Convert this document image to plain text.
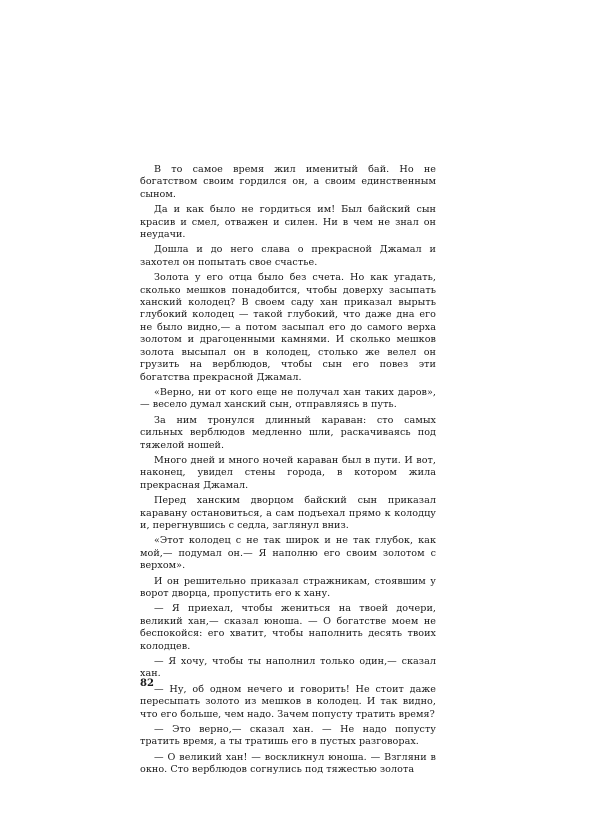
В то самое время жил именитый бай. Но не богатством своим гордился он, а своим единственным сыном.

Да и как было не гордиться им! Был байский сын красив и смел, отважен и силен. Ни в чем не знал он неудачи.

Дошла и до него слава о прекрасной Джамал и захотел он попытать свое счастье.

Золота у его отца было без счета. Но как угадать, сколько мешков понадобится, чтобы доверху засыпать ханский колодец? В своем саду хан приказал вырыть глубокий колодец — такой глубокий, что даже дна его не было видно,— а потом засыпал его до самого верха золотом и драгоценными камнями. И сколько мешков золота высыпал он в колодец, столько же велел он грузить на верблюдов, чтобы сын его повез эти богатства прекрасной Джамал.

«Верно, ни от кого еще не получал хан таких даров»,— весело думал ханский сын, отправляясь в путь.

За ним тронулся длинный караван: сто самых сильных верблюдов медленно шли, раскачиваясь под тяжелой ношей.

Много дней и много ночей караван был в пути. И вот, наконец, увидел стены города, в котором жила прекрасная Джамал.

Перед ханским дворцом байский сын приказал каравану остановиться, а сам подъехал прямо к колодцу и, перегнувшись с седла, заглянул вниз.

«Этот колодец с не так широк и не так глубок, как мой,— подумал он.— Я наполню его своим золотом с верхом».

И он решительно приказал стражникам, стоявшим у ворот дворца, пропустить его к хану.

— Я приехал, чтобы жениться на твоей дочери, великий хан,— сказал юноша. — О богатстве моем не беспокойся: его хватит, чтобы наполнить десять твоих колодцев.

— Я хочу, чтобы ты наполнил только один,— сказал хан.

— Ну, об одном нечего и говорить! Не стоит даже пересыпать золото из мешков в колодец. И так видно, что его больше, чем надо. Зачем попусту тратить время?

— Это верно,— сказал хан. — Не надо попусту тратить время, а ты тратишь его в пустых разговорах.

— О великий хан! — воскликнул юноша. — Взгляни в окно. Сто верблюдов согнулись под тяжестью золота

82
